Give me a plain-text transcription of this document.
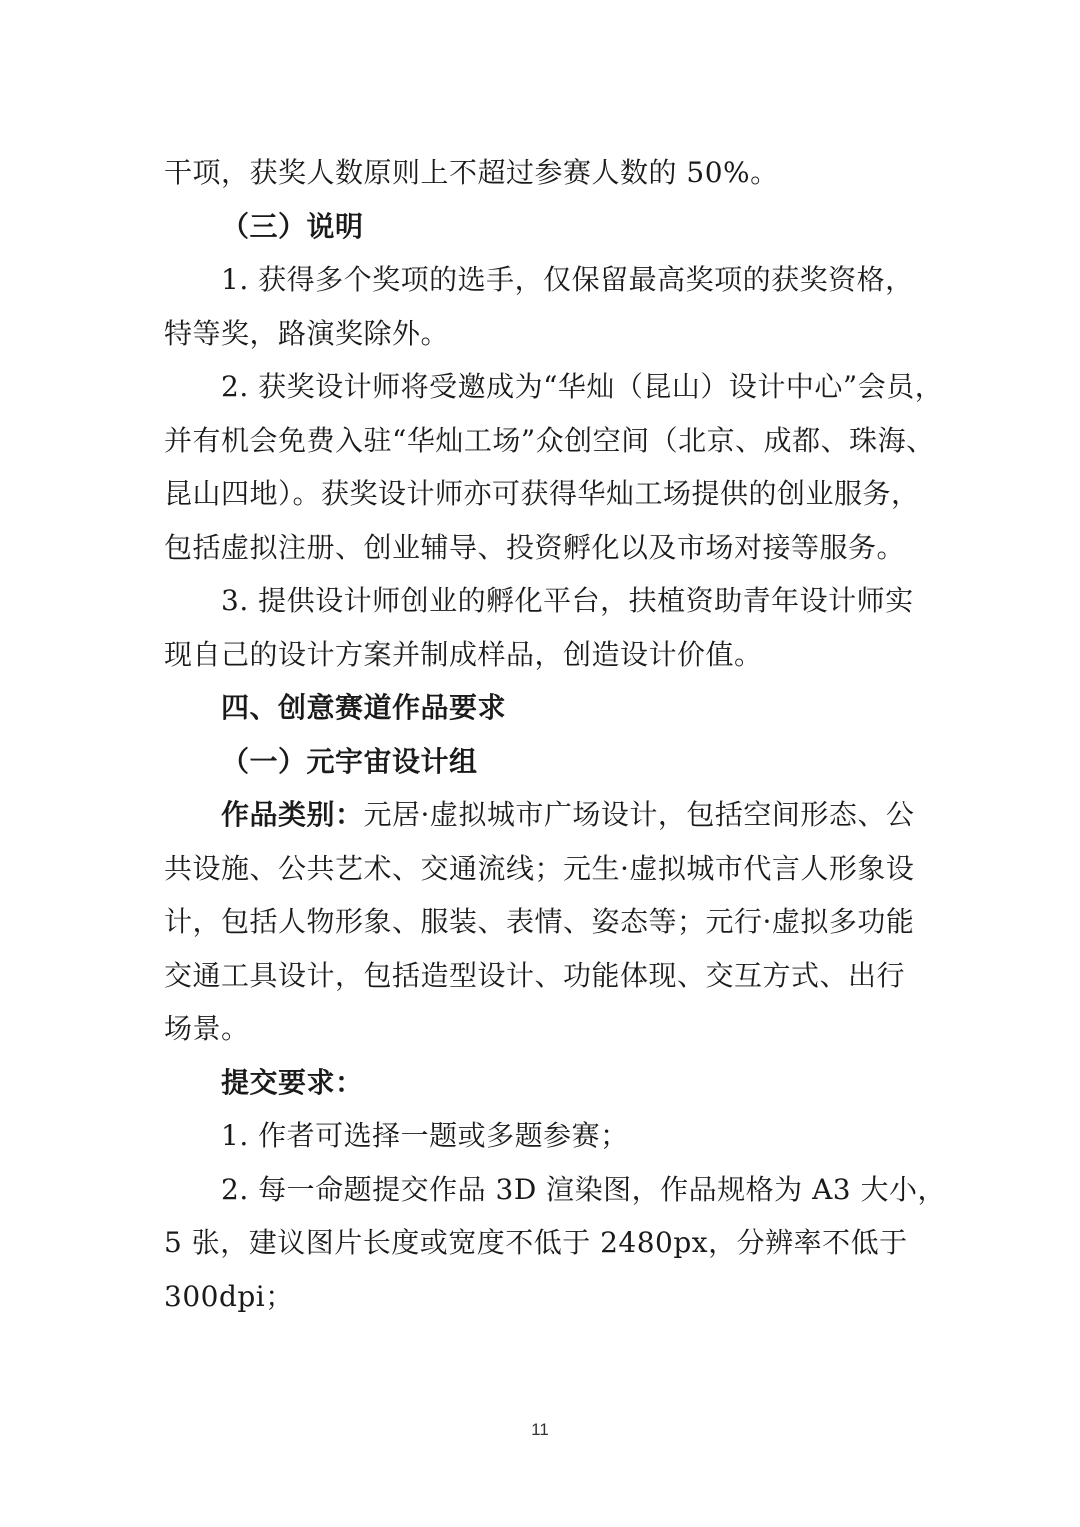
干项，获奖人数原则上不超过参赛人数的 50%。
（三）说明
1. 获得多个奖项的选手，仅保留最高奖项的获奖资格，
特等奖，路演奖除外。
2. 获奖设计师将受邀成为“华灿（昆山）设计中心”会员，
并有机会免费入驻“华灿工场”众创空间（北京、成都、珠海、
昆山四地）。获奖设计师亦可获得华灿工场提供的创业服务，
包括虚拟注册、创业辅导、投资孵化以及市场对接等服务。
3. 提供设计师创业的孵化平台，扶植资助青年设计师实
现自己的设计方案并制成样品，创造设计价值。
四、创意赛道作品要求
（一）元宇宙设计组
作品类别：元居·虚拟城市广场设计，包括空间形态、公
共设施、公共艺术、交通流线；元生·虚拟城市代言人形象设
计，包括人物形象、服装、表情、姿态等；元行·虚拟多功能
交通工具设计，包括造型设计、功能体现、交互方式、出行
场景。
提交要求：
1. 作者可选择一题或多题参赛；
2. 每一命题提交作品 3D 渲染图，作品规格为 A3 大小，
5 张，建议图片长度或宽度不低于 2480px，分辨率不低于
300dpi；
11
